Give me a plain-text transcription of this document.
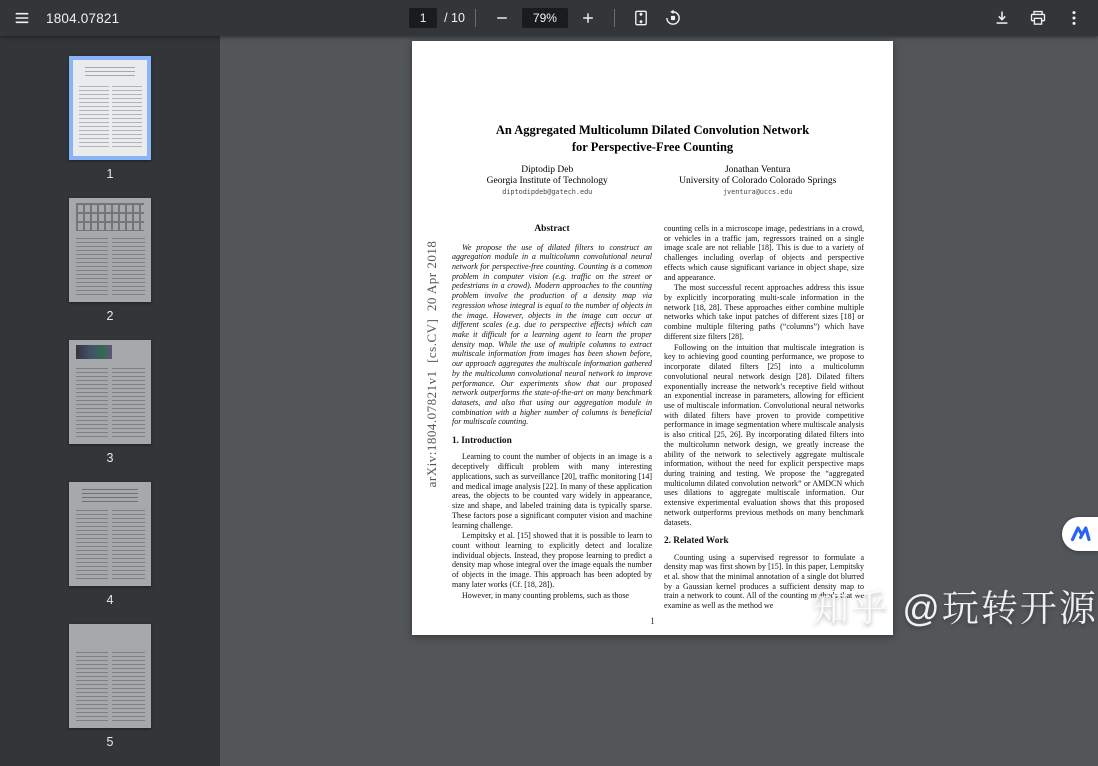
1804.07821
1	/ 10	79%
1
2
3
4
5
arXiv:1804.07821v1  [cs.CV]  20 Apr 2018
An Aggregated Multicolumn Dilated Convolution Network
for Perspective-Free Counting
Diptodip Deb
Georgia Institute of Technology
diptodipdeb@gatech.edu
Jonathan Ventura
University of Colorado Colorado Springs
jventura@uccs.edu
Abstract

We propose the use of dilated filters to construct an aggregation module in a multicolumn convolutional neural network for perspective-free counting. Counting is a common problem in computer vision (e.g. traffic on the street or pedestrians in a crowd). Modern approaches to the counting problem involve the production of a density map via regression whose integral is equal to the number of objects in the image. However, objects in the image can occur at different scales (e.g. due to perspective effects) which can make it difficult for a learning agent to learn the proper density map. While the use of multiple columns to extract multiscale information from images has been shown before, our approach aggregates the multiscale information gathered by the multicolumn convolutional neural network to improve performance. Our experiments show that our proposed network outperforms the state-of-the-art on many benchmark datasets, and also that using our aggregation module in combination with a higher number of columns is beneficial for multiscale counting.

1. Introduction

Learning to count the number of objects in an image is a deceptively difficult problem with many interesting applications, such as surveillance [20], traffic monitoring [14] and medical image analysis [22]. In many of these application areas, the objects to be counted vary widely in appearance, size and shape, and labeled training data is typically sparse. These factors pose a significant computer vision and machine learning challenge.

Lempitsky et al. [15] showed that it is possible to learn to count without learning to explicitly detect and localize individual objects. Instead, they propose learning to predict a density map whose integral over the image equals the number of objects in the image. This approach has been adopted by many later works (Cf. [18, 28]).

However, in many counting problems, such as those

counting cells in a microscope image, pedestrians in a crowd, or vehicles in a traffic jam, regressors trained on a single image scale are not reliable [18]. This is due to a variety of challenges including overlap of objects and perspective effects which cause significant variance in object shape, size and appearance.

The most successful recent approaches address this issue by explicitly incorporating multi-scale information in the network [18, 28]. These approaches either combine multiple networks which take input patches of different sizes [18] or combine multiple filtering paths (“columns”) which have different size filters [28].

Following on the intuition that multiscale integration is key to achieving good counting performance, we propose to incorporate dilated filters [25] into a multicolumn convolutional neural network design [28]. Dilated filters exponentially increase the network’s receptive field without an exponential increase in parameters, allowing for efficient use of multiscale information. Convolutional neural networks with dilated filters have proven to provide competitive performance in image segmentation where multiscale analysis is also critical [25, 26]. By incorporating dilated filters into the multicolumn network design, we greatly increase the ability of the network to selectively aggregate multiscale information, without the need for explicit perspective maps during training and testing. We propose the “aggregated multicolumn dilated convolution network” or AMDCN which uses dilations to aggregate multiscale information. Our extensive experimental evaluation shows that this proposed network outperforms previous methods on many benchmark datasets.

2. Related Work

Counting using a supervised regressor to formulate a density map was first shown by [15]. In this paper, Lempitsky et al. show that the minimal annotation of a single dot blurred by a Gaussian kernel produces a sufficient density map to train a network to count. All of the counting methods that we examine as well as the method we

1	知乎 @玩转开源
